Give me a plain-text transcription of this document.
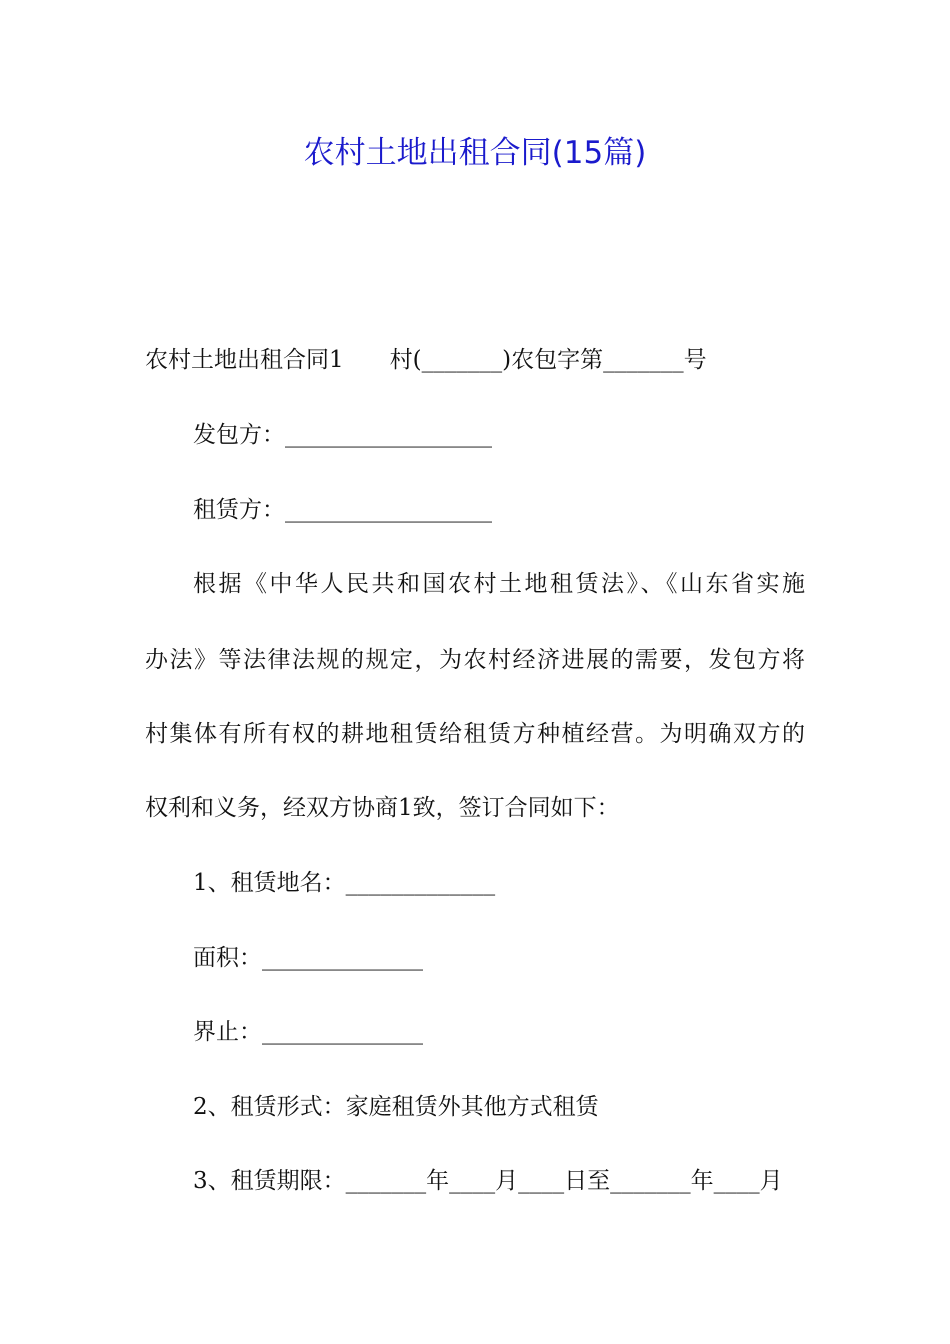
农村土地出租合同(15篇)

农村土地出租合同1　　村(_______)农包字第_______号

发包方：__________________

租赁方：__________________

根据《中华人民共和国农村土地租赁法》、《山东省实施

办法》等法律法规的规定，为农村经济进展的需要，发包方将

村集体有所有权的耕地租赁给租赁方种植经营。为明确双方的

权利和义务，经双方协商1致，签订合同如下：

1、租赁地名：_____________

面积：______________

界止：______________

2、租赁形式：家庭租赁外其他方式租赁

3、租赁期限：_______年____月____日至_______年____月
